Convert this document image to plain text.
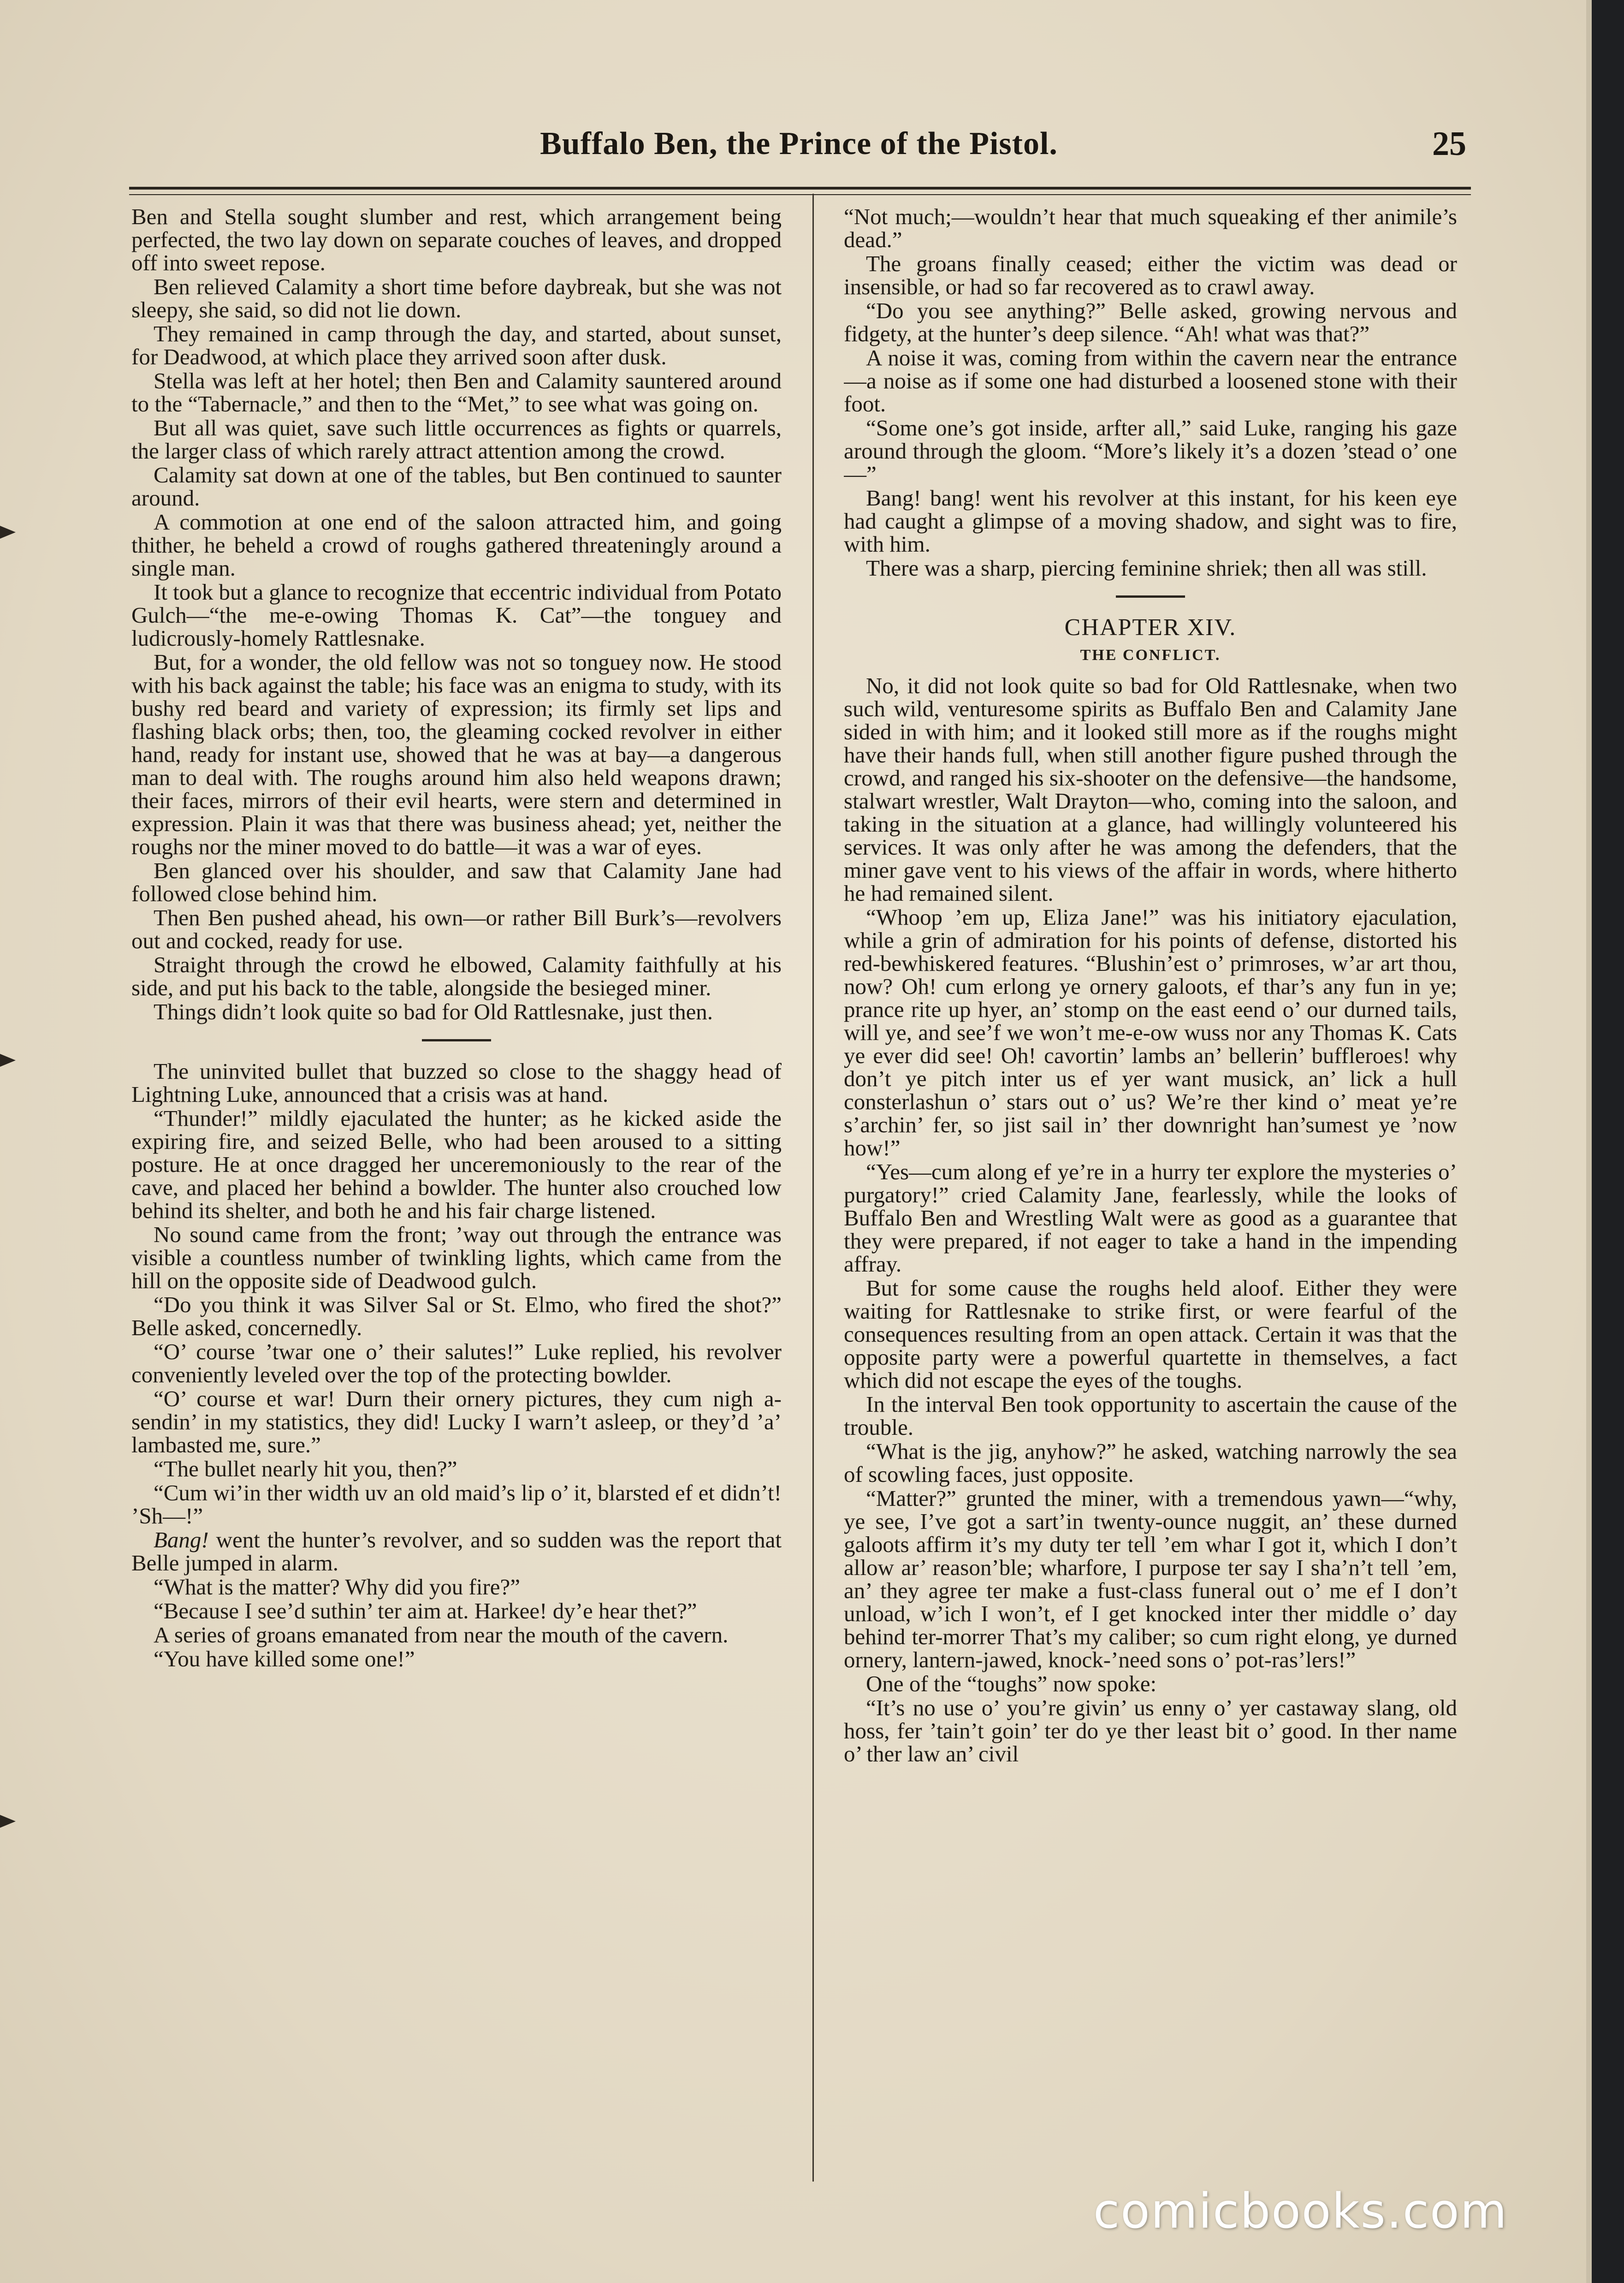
Buffalo Ben, the Prince of the Pistol.	25

Ben and Stella sought slumber and rest, which arrangement being perfected, the two lay down on separate couches of leaves, and dropped off into sweet repose.

Ben relieved Calamity a short time before daybreak, but she was not sleepy, she said, so did not lie down.

They remained in camp through the day, and started, about sunset, for Deadwood, at which place they arrived soon after dusk.

Stella was left at her hotel; then Ben and Calamity sauntered around to the “Tabernacle,” and then to the “Met,” to see what was going on.

But all was quiet, save such little occurrences as fights or quarrels, the larger class of which rarely attract attention among the crowd.

Calamity sat down at one of the tables, but Ben continued to saunter around.

A commotion at one end of the saloon attracted him, and going thither, he beheld a crowd of roughs gathered threateningly around a single man.

It took but a glance to recognize that eccentric individual from Potato Gulch—“the me-e-owing Thomas K. Cat”—the tonguey and ludicrously-homely Rattlesnake.

But, for a wonder, the old fellow was not so tonguey now. He stood with his back against the table; his face was an enigma to study, with its bushy red beard and variety of expression; its firmly set lips and flashing black orbs; then, too, the gleaming cocked revolver in either hand, ready for instant use, showed that he was at bay—a dangerous man to deal with. The roughs around him also held weapons drawn; their faces, mirrors of their evil hearts, were stern and determined in expression. Plain it was that there was business ahead; yet, neither the roughs nor the miner moved to do battle—it was a war of eyes.

Ben glanced over his shoulder, and saw that Calamity Jane had followed close behind him.

Then Ben pushed ahead, his own—or rather Bill Burk’s—revolvers out and cocked, ready for use.

Straight through the crowd he elbowed, Calamity faithfully at his side, and put his back to the table, alongside the besieged miner.

Things didn’t look quite so bad for Old Rattlesnake, just then.

The uninvited bullet that buzzed so close to the shaggy head of Lightning Luke, announced that a crisis was at hand.

“Thunder!” mildly ejaculated the hunter; as he kicked aside the expiring fire, and seized Belle, who had been aroused to a sitting posture. He at once dragged her unceremoniously to the rear of the cave, and placed her behind a bowlder. The hunter also crouched low behind its shelter, and both he and his fair charge listened.

No sound came from the front; ’way out through the entrance was visible a countless number of twinkling lights, which came from the hill on the opposite side of Deadwood gulch.

“Do you think it was Silver Sal or St. Elmo, who fired the shot?” Belle asked, concernedly.

“O’ course ’twar one o’ their salutes!” Luke replied, his revolver conveniently leveled over the top of the protecting bowlder.

“O’ course et war! Durn their ornery pictures, they cum nigh a-sendin’ in my statistics, they did! Lucky I warn’t asleep, or they’d ’a’ lambasted me, sure.”

“The bullet nearly hit you, then?”

“Cum wi’in ther width uv an old maid’s lip o’ it, blarsted ef et didn’t! ’Sh—!”

Bang! went the hunter’s revolver, and so sudden was the report that Belle jumped in alarm.

“What is the matter? Why did you fire?”

“Because I see’d suthin’ ter aim at. Harkee! dy’e hear thet?”

A series of groans emanated from near the mouth of the cavern.

“You have killed some one!”

“Not much;—wouldn’t hear that much squeaking ef ther animile’s dead.”

The groans finally ceased; either the victim was dead or insensible, or had so far recovered as to crawl away.

“Do you see anything?” Belle asked, growing nervous and fidgety, at the hunter’s deep silence. “Ah! what was that?”

A noise it was, coming from within the cavern near the entrance—a noise as if some one had disturbed a loosened stone with their foot.

“Some one’s got inside, arfter all,” said Luke, ranging his gaze around through the gloom. “More’s likely it’s a dozen ’stead o’ one—”

Bang! bang! went his revolver at this instant, for his keen eye had caught a glimpse of a moving shadow, and sight was to fire, with him.

There was a sharp, piercing feminine shriek; then all was still.

CHAPTER XIV.

THE CONFLICT.

No, it did not look quite so bad for Old Rattlesnake, when two such wild, venturesome spirits as Buffalo Ben and Calamity Jane sided in with him; and it looked still more as if the roughs might have their hands full, when still another figure pushed through the crowd, and ranged his six-shooter on the defensive—the handsome, stalwart wrestler, Walt Drayton—who, coming into the saloon, and taking in the situation at a glance, had willingly volunteered his services. It was only after he was among the defenders, that the miner gave vent to his views of the affair in words, where hitherto he had remained silent.

“Whoop ’em up, Eliza Jane!” was his initiatory ejaculation, while a grin of admiration for his points of defense, distorted his red-bewhiskered features. “Blushin’est o’ primroses, w’ar art thou, now? Oh! cum erlong ye ornery galoots, ef thar’s any fun in ye; prance rite up hyer, an’ stomp on the east eend o’ our durned tails, will ye, and see’f we won’t me-e-ow wuss nor any Thomas K. Cats ye ever did see! Oh! cavortin’ lambs an’ bellerin’ buffleroes! why don’t ye pitch inter us ef yer want musick, an’ lick a hull consterlashun o’ stars out o’ us? We’re ther kind o’ meat ye’re s’archin’ fer, so jist sail in’ ther downright han’sumest ye ’now how!”

“Yes—cum along ef ye’re in a hurry ter explore the mysteries o’ purgatory!” cried Calamity Jane, fearlessly, while the looks of Buffalo Ben and Wrestling Walt were as good as a guarantee that they were prepared, if not eager to take a hand in the impending affray.

But for some cause the roughs held aloof. Either they were waiting for Rattlesnake to strike first, or were fearful of the consequences resulting from an open attack. Certain it was that the opposite party were a powerful quartette in themselves, a fact which did not escape the eyes of the toughs.

In the interval Ben took opportunity to ascertain the cause of the trouble.

“What is the jig, anyhow?” he asked, watching narrowly the sea of scowling faces, just opposite.

“Matter?” grunted the miner, with a tremendous yawn—“why, ye see, I’ve got a sart’in twenty-ounce nuggit, an’ these durned galoots affirm it’s my duty ter tell ’em whar I got it, which I don’t allow ar’ reason’ble; wharfore, I purpose ter say I sha’n’t tell ’em, an’ they agree ter make a fust-class funeral out o’ me ef I don’t unload, w’ich I won’t, ef I get knocked inter ther middle o’ day behind ter-morrer That’s my caliber; so cum right elong, ye durned ornery, lantern-jawed, knock-’need sons o’ pot-ras’lers!”

One of the “toughs” now spoke:

“It’s no use o’ you’re givin’ us enny o’ yer castaway slang, old hoss, fer ’tain’t goin’ ter do ye ther least bit o’ good. In ther name o’ ther law an’ civil

comicbooks.com
